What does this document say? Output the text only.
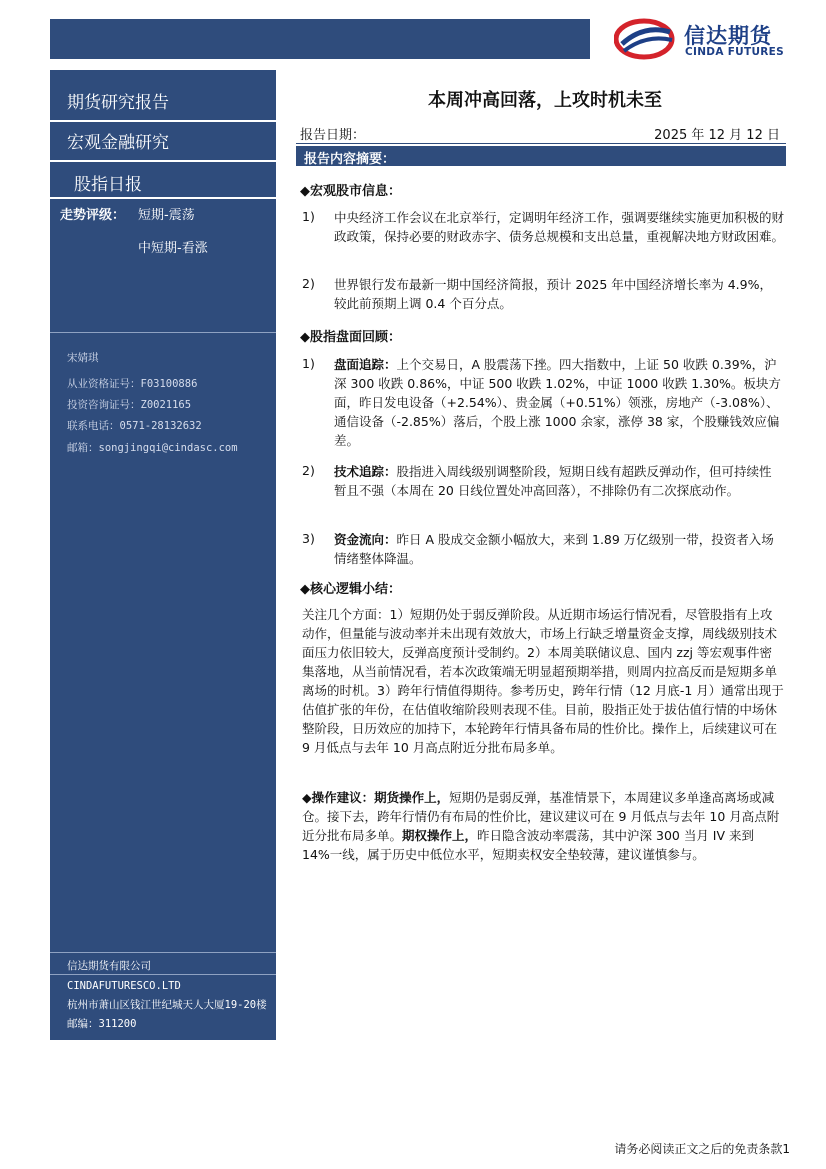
信达期货
CINDA FUTURES
期货研究报告
宏观金融研究
股指日报
走势评级： 短期-震荡
中短期-看涨
宋婧琪
从业资格证号：F03100886
投资咨询证号：Z0021165
联系电话：0571-28132632
邮箱：songjingqi@cindasc.com
信达期货有限公司
CINDAFUTURESCO.LTD
杭州市萧山区钱江世纪城天人大厦19-20楼
邮编：311200
本周冲高回落，上攻时机未至
报告日期：	2025 年 12 月 12 日
报告内容摘要：
◆宏观股市信息：
1) 中央经济工作会议在北京举行，定调明年经济工作，强调要继续实施更加积极的财政政策，保持必要的财政赤字、债务总规模和支出总量，重视解决地方财政困难。
2) 世界银行发布最新一期中国经济简报，预计 2025 年中国经济增长率为 4.9%，较此前预期上调 0.4 个百分点。
◆股指盘面回顾：
1) 盘面追踪：上个交易日，A 股震荡下挫。四大指数中，上证 50 收跌 0.39%，沪深 300 收跌 0.86%，中证 500 收跌 1.02%，中证 1000 收跌 1.30%。板块方面，昨日发电设备（+2.54%）、贵金属（+0.51%）领涨，房地产（-3.08%）、通信设备（-2.85%）落后，个股上涨 1000 余家，涨停 38 家，个股赚钱效应偏差。
2) 技术追踪：股指进入周线级别调整阶段，短期日线有超跌反弹动作，但可持续性暂且不强（本周在 20 日线位置处冲高回落），不排除仍有二次探底动作。
3) 资金流向：昨日 A 股成交金额小幅放大，来到 1.89 万亿级别一带，投资者入场情绪整体降温。
◆核心逻辑小结：
关注几个方面：1）短期仍处于弱反弹阶段。从近期市场运行情况看，尽管股指有上攻动作，但量能与波动率并未出现有效放大，市场上行缺乏增量资金支撑，周线级别技术面压力依旧较大，反弹高度预计受制约。2）本周美联储议息、国内 zzj 等宏观事件密集落地，从当前情况看，若本次政策端无明显超预期举措，则周内拉高反而是短期多单离场的时机。3）跨年行情值得期待。参考历史，跨年行情（12 月底-1 月）通常出现于估值扩张的年份，在估值收缩阶段则表现不佳。目前，股指正处于拔估值行情的中场休整阶段，日历效应的加持下，本轮跨年行情具备布局的性价比。操作上，后续建议可在 9 月低点与去年 10 月高点附近分批布局多单。
◆操作建议：期货操作上，短期仍是弱反弹，基准情景下，本周建议多单逢高离场或减仓。接下去，跨年行情仍有布局的性价比，建议建议可在 9 月低点与去年 10 月高点附近分批布局多单。期权操作上，昨日隐含波动率震荡，其中沪深 300 当月 IV 来到 14%一线，属于历史中低位水平，短期卖权安全垫较薄，建议谨慎参与。
请务必阅读正文之后的免责条款1
